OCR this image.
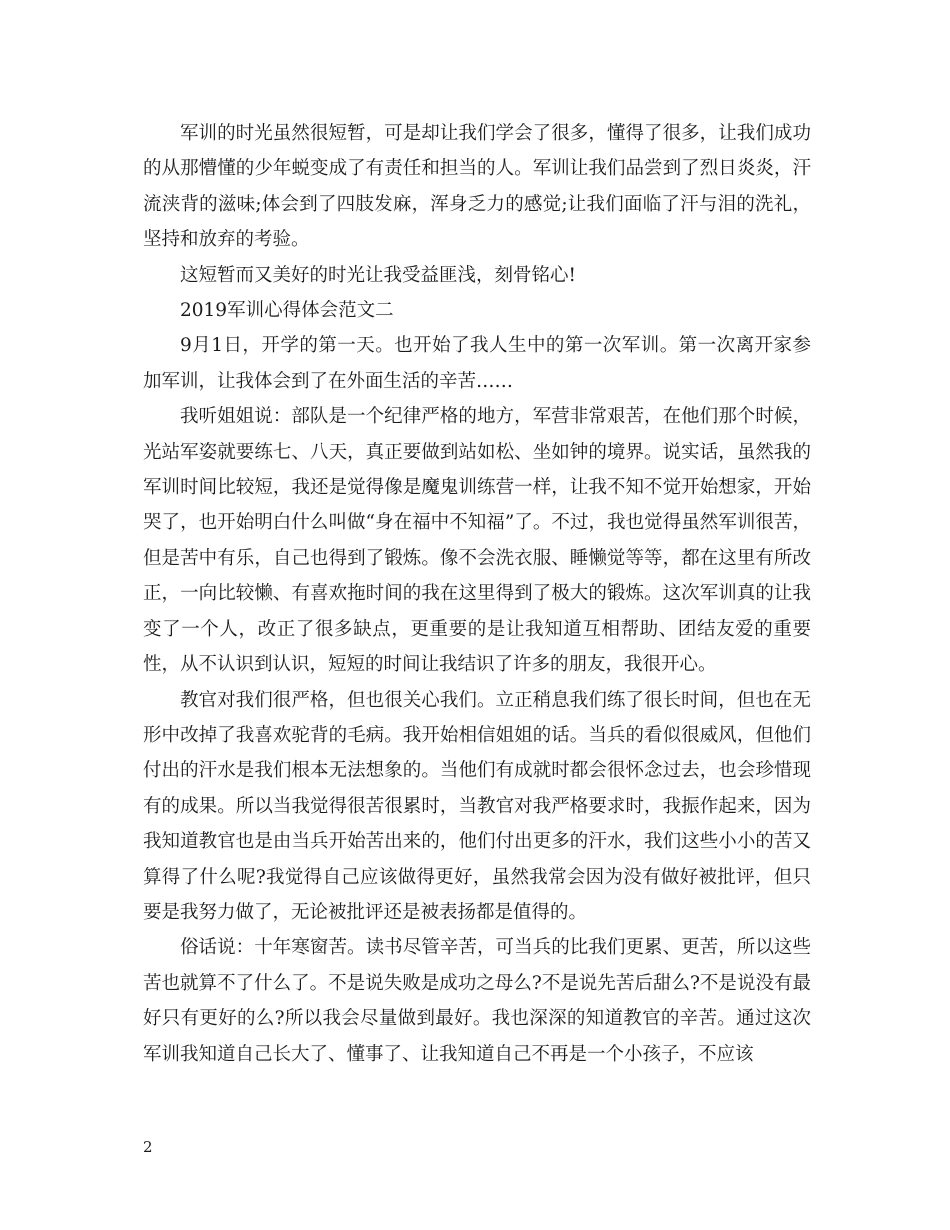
军训的时光虽然很短暂，可是却让我们学会了很多，懂得了很多，让我们成功的从那懵懂的少年蜕变成了有责任和担当的人。军训让我们品尝到了烈日炎炎，汗流浃背的滋味;体会到了四肢发麻，浑身乏力的感觉;让我们面临了汗与泪的洗礼，坚持和放弃的考验。

这短暂而又美好的时光让我受益匪浅，刻骨铭心!

2019军训心得体会范文二

9月1日，开学的第一天。也开始了我人生中的第一次军训。第一次离开家参加军训，让我体会到了在外面生活的辛苦……

我听姐姐说：部队是一个纪律严格的地方，军营非常艰苦，在他们那个时候，光站军姿就要练七、八天，真正要做到站如松、坐如钟的境界。说实话，虽然我的军训时间比较短，我还是觉得像是魔鬼训练营一样，让我不知不觉开始想家，开始哭了，也开始明白什么叫做“身在福中不知福”了。不过，我也觉得虽然军训很苦，但是苦中有乐，自己也得到了锻炼。像不会洗衣服、睡懒觉等等，都在这里有所改正，一向比较懒、有喜欢拖时间的我在这里得到了极大的锻炼。这次军训真的让我变了一个人，改正了很多缺点，更重要的是让我知道互相帮助、团结友爱的重要性，从不认识到认识，短短的时间让我结识了许多的朋友，我很开心。

教官对我们很严格，但也很关心我们。立正稍息我们练了很长时间，但也在无形中改掉了我喜欢驼背的毛病。我开始相信姐姐的话。当兵的看似很威风，但他们付出的汗水是我们根本无法想象的。当他们有成就时都会很怀念过去，也会珍惜现有的成果。所以当我觉得很苦很累时，当教官对我严格要求时，我振作起来，因为我知道教官也是由当兵开始苦出来的，他们付出更多的汗水，我们这些小小的苦又算得了什么呢?我觉得自己应该做得更好，虽然我常会因为没有做好被批评，但只要是我努力做了，无论被批评还是被表扬都是值得的。

俗话说：十年寒窗苦。读书尽管辛苦，可当兵的比我们更累、更苦，所以这些苦也就算不了什么了。不是说失败是成功之母么?不是说先苦后甜么?不是说没有最好只有更好的么?所以我会尽量做到最好。我也深深的知道教官的辛苦。通过这次军训我知道自己长大了、懂事了、让我知道自己不再是一个小孩子，不应该

2
